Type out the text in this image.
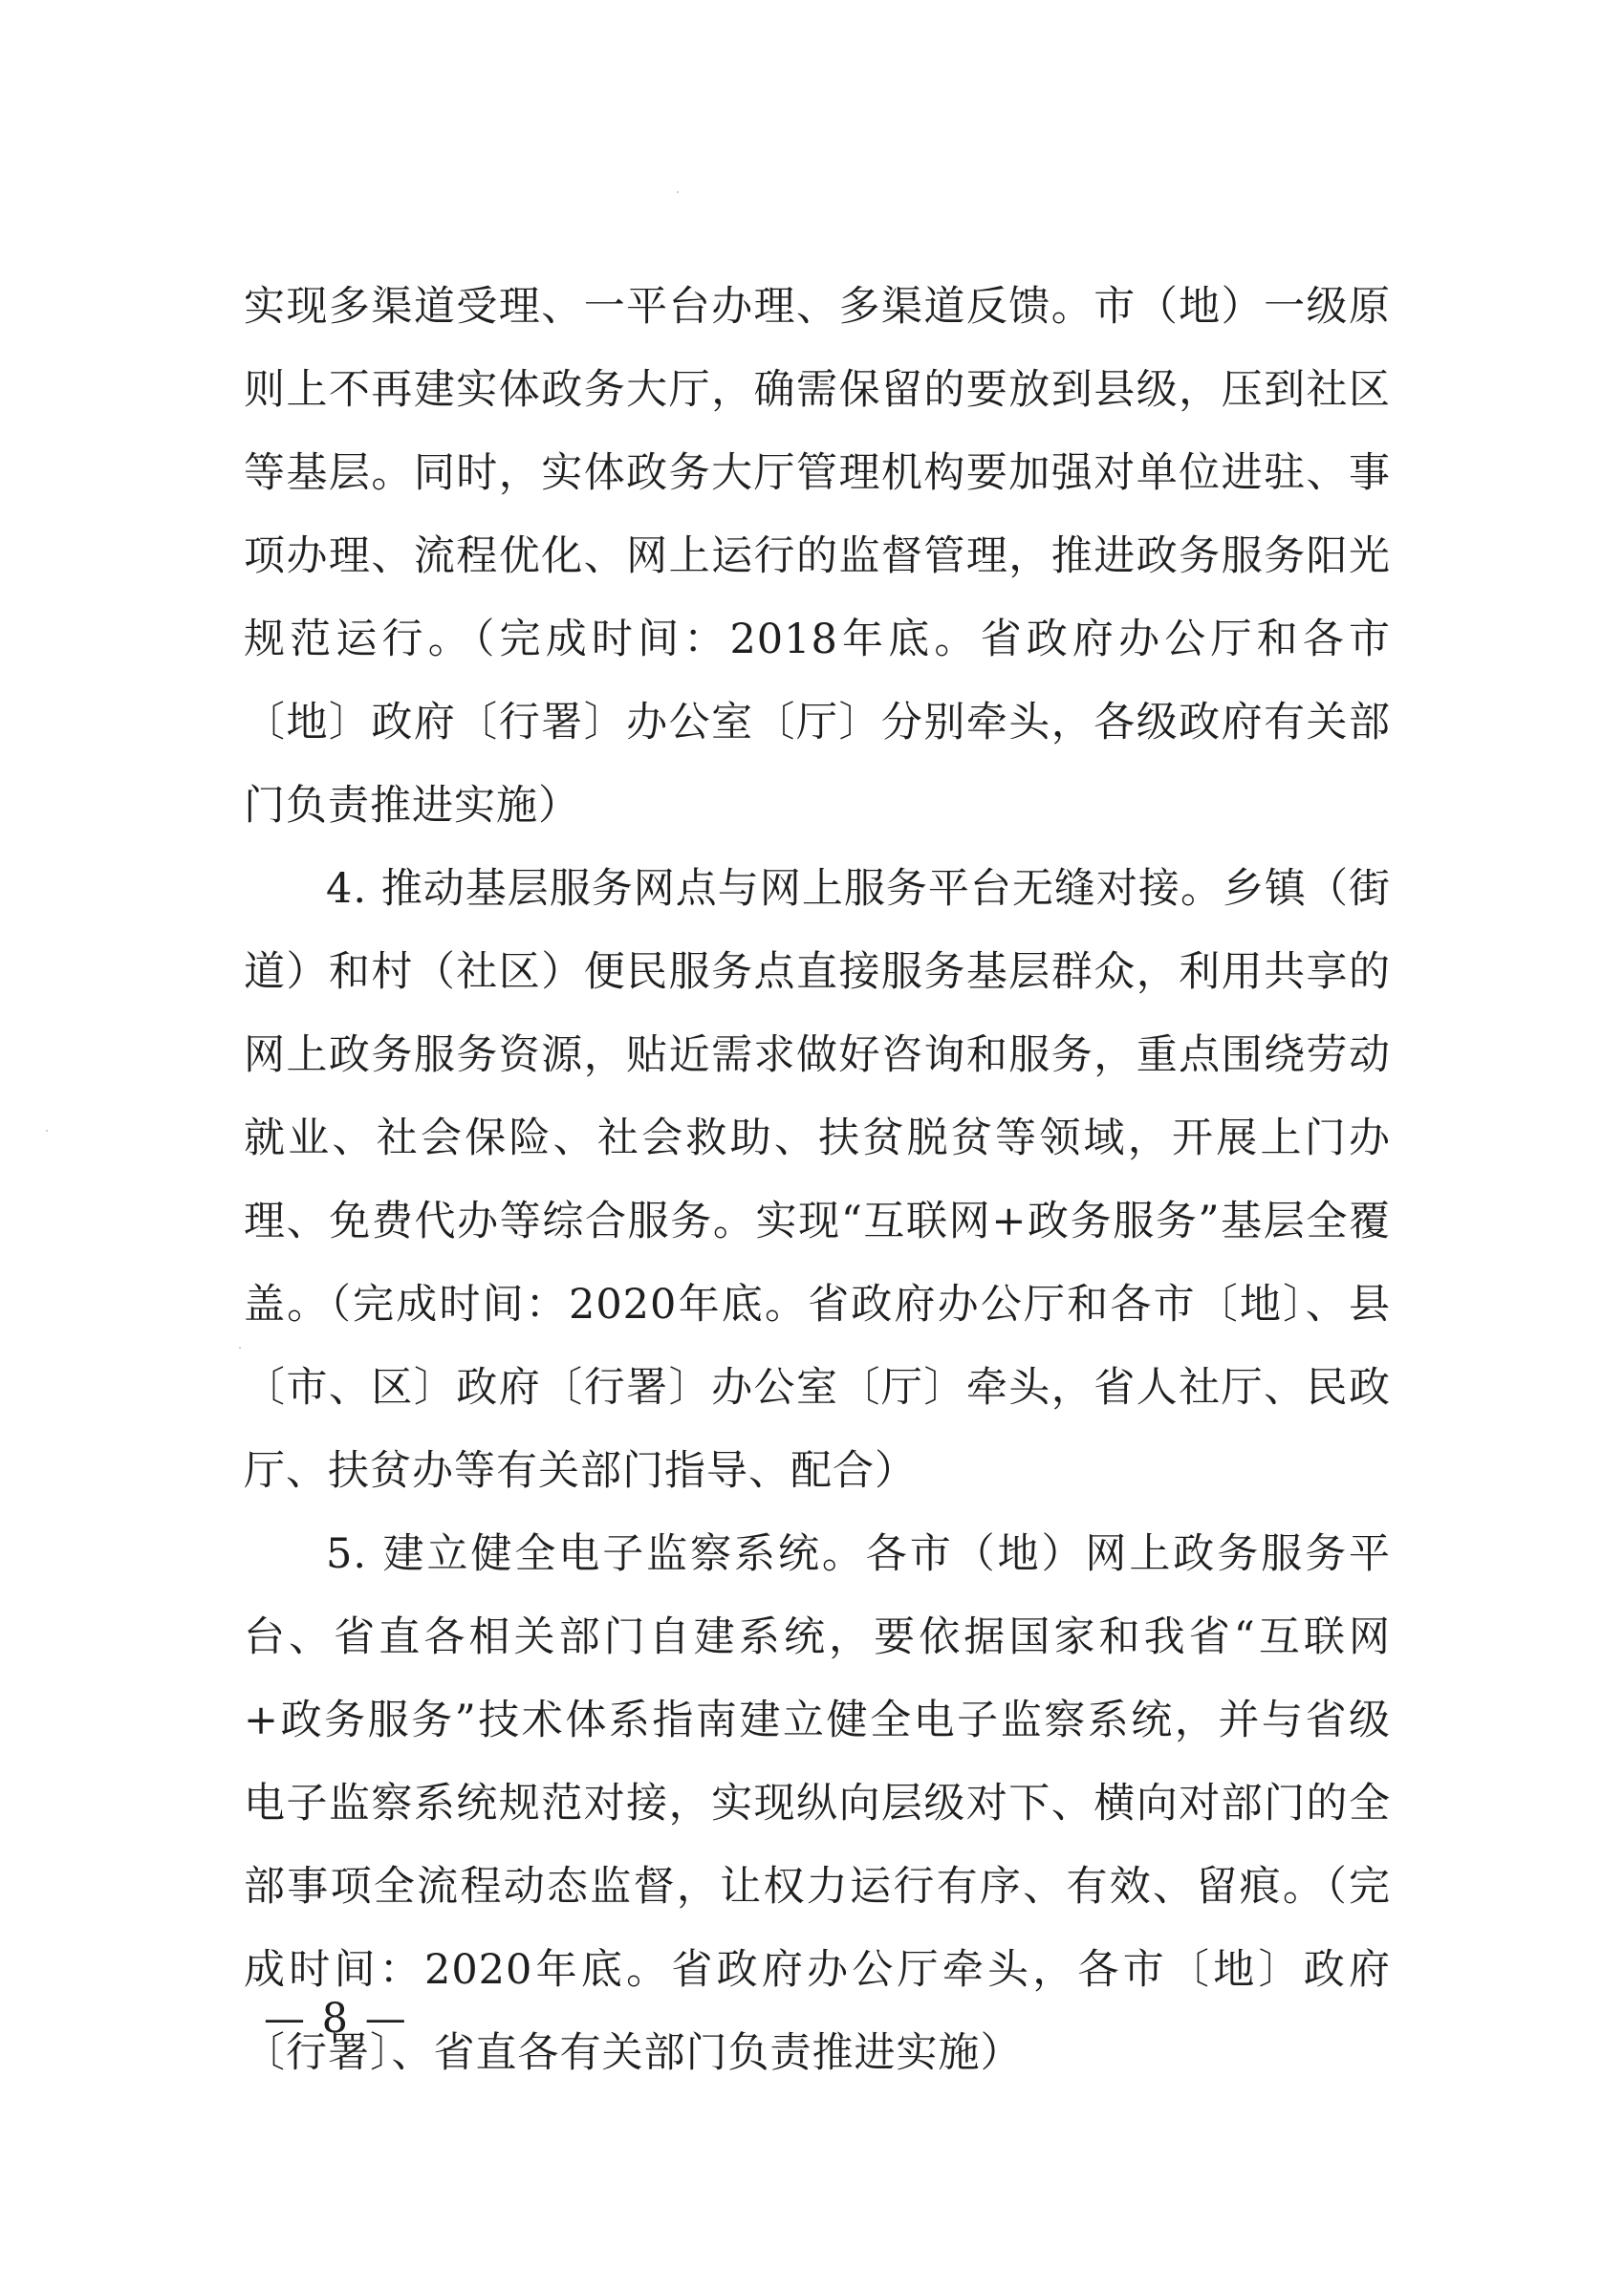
实现多渠道受理、一平台办理、多渠道反馈。市（地）一级原则上不再建实体政务大厅，确需保留的要放到县级，压到社区等基层。同时，实体政务大厅管理机构要加强对单位进驻、事项办理、流程优化、网上运行的监督管理，推进政务服务阳光规范运行。（完成时间：2018年底。省政府办公厅和各市〔地〕政府〔行署〕办公室〔厅〕分别牵头，各级政府有关部门负责推进实施）

4. 推动基层服务网点与网上服务平台无缝对接。乡镇（街道）和村（社区）便民服务点直接服务基层群众，利用共享的网上政务服务资源，贴近需求做好咨询和服务，重点围绕劳动就业、社会保险、社会救助、扶贫脱贫等领域，开展上门办理、免费代办等综合服务。实现“互联网+政务服务”基层全覆盖。（完成时间：2020年底。省政府办公厅和各市〔地〕、县〔市、区〕政府〔行署〕办公室〔厅〕牵头，省人社厅、民政厅、扶贫办等有关部门指导、配合）

5. 建立健全电子监察系统。各市（地）网上政务服务平台、省直各相关部门自建系统，要依据国家和我省“互联网+政务服务”技术体系指南建立健全电子监察系统，并与省级电子监察系统规范对接，实现纵向层级对下、横向对部门的全部事项全流程动态监督，让权力运行有序、有效、留痕。（完成时间：2020年底。省政府办公厅牵头，各市〔地〕政府〔行署〕、省直各有关部门负责推进实施）

— 8 —
